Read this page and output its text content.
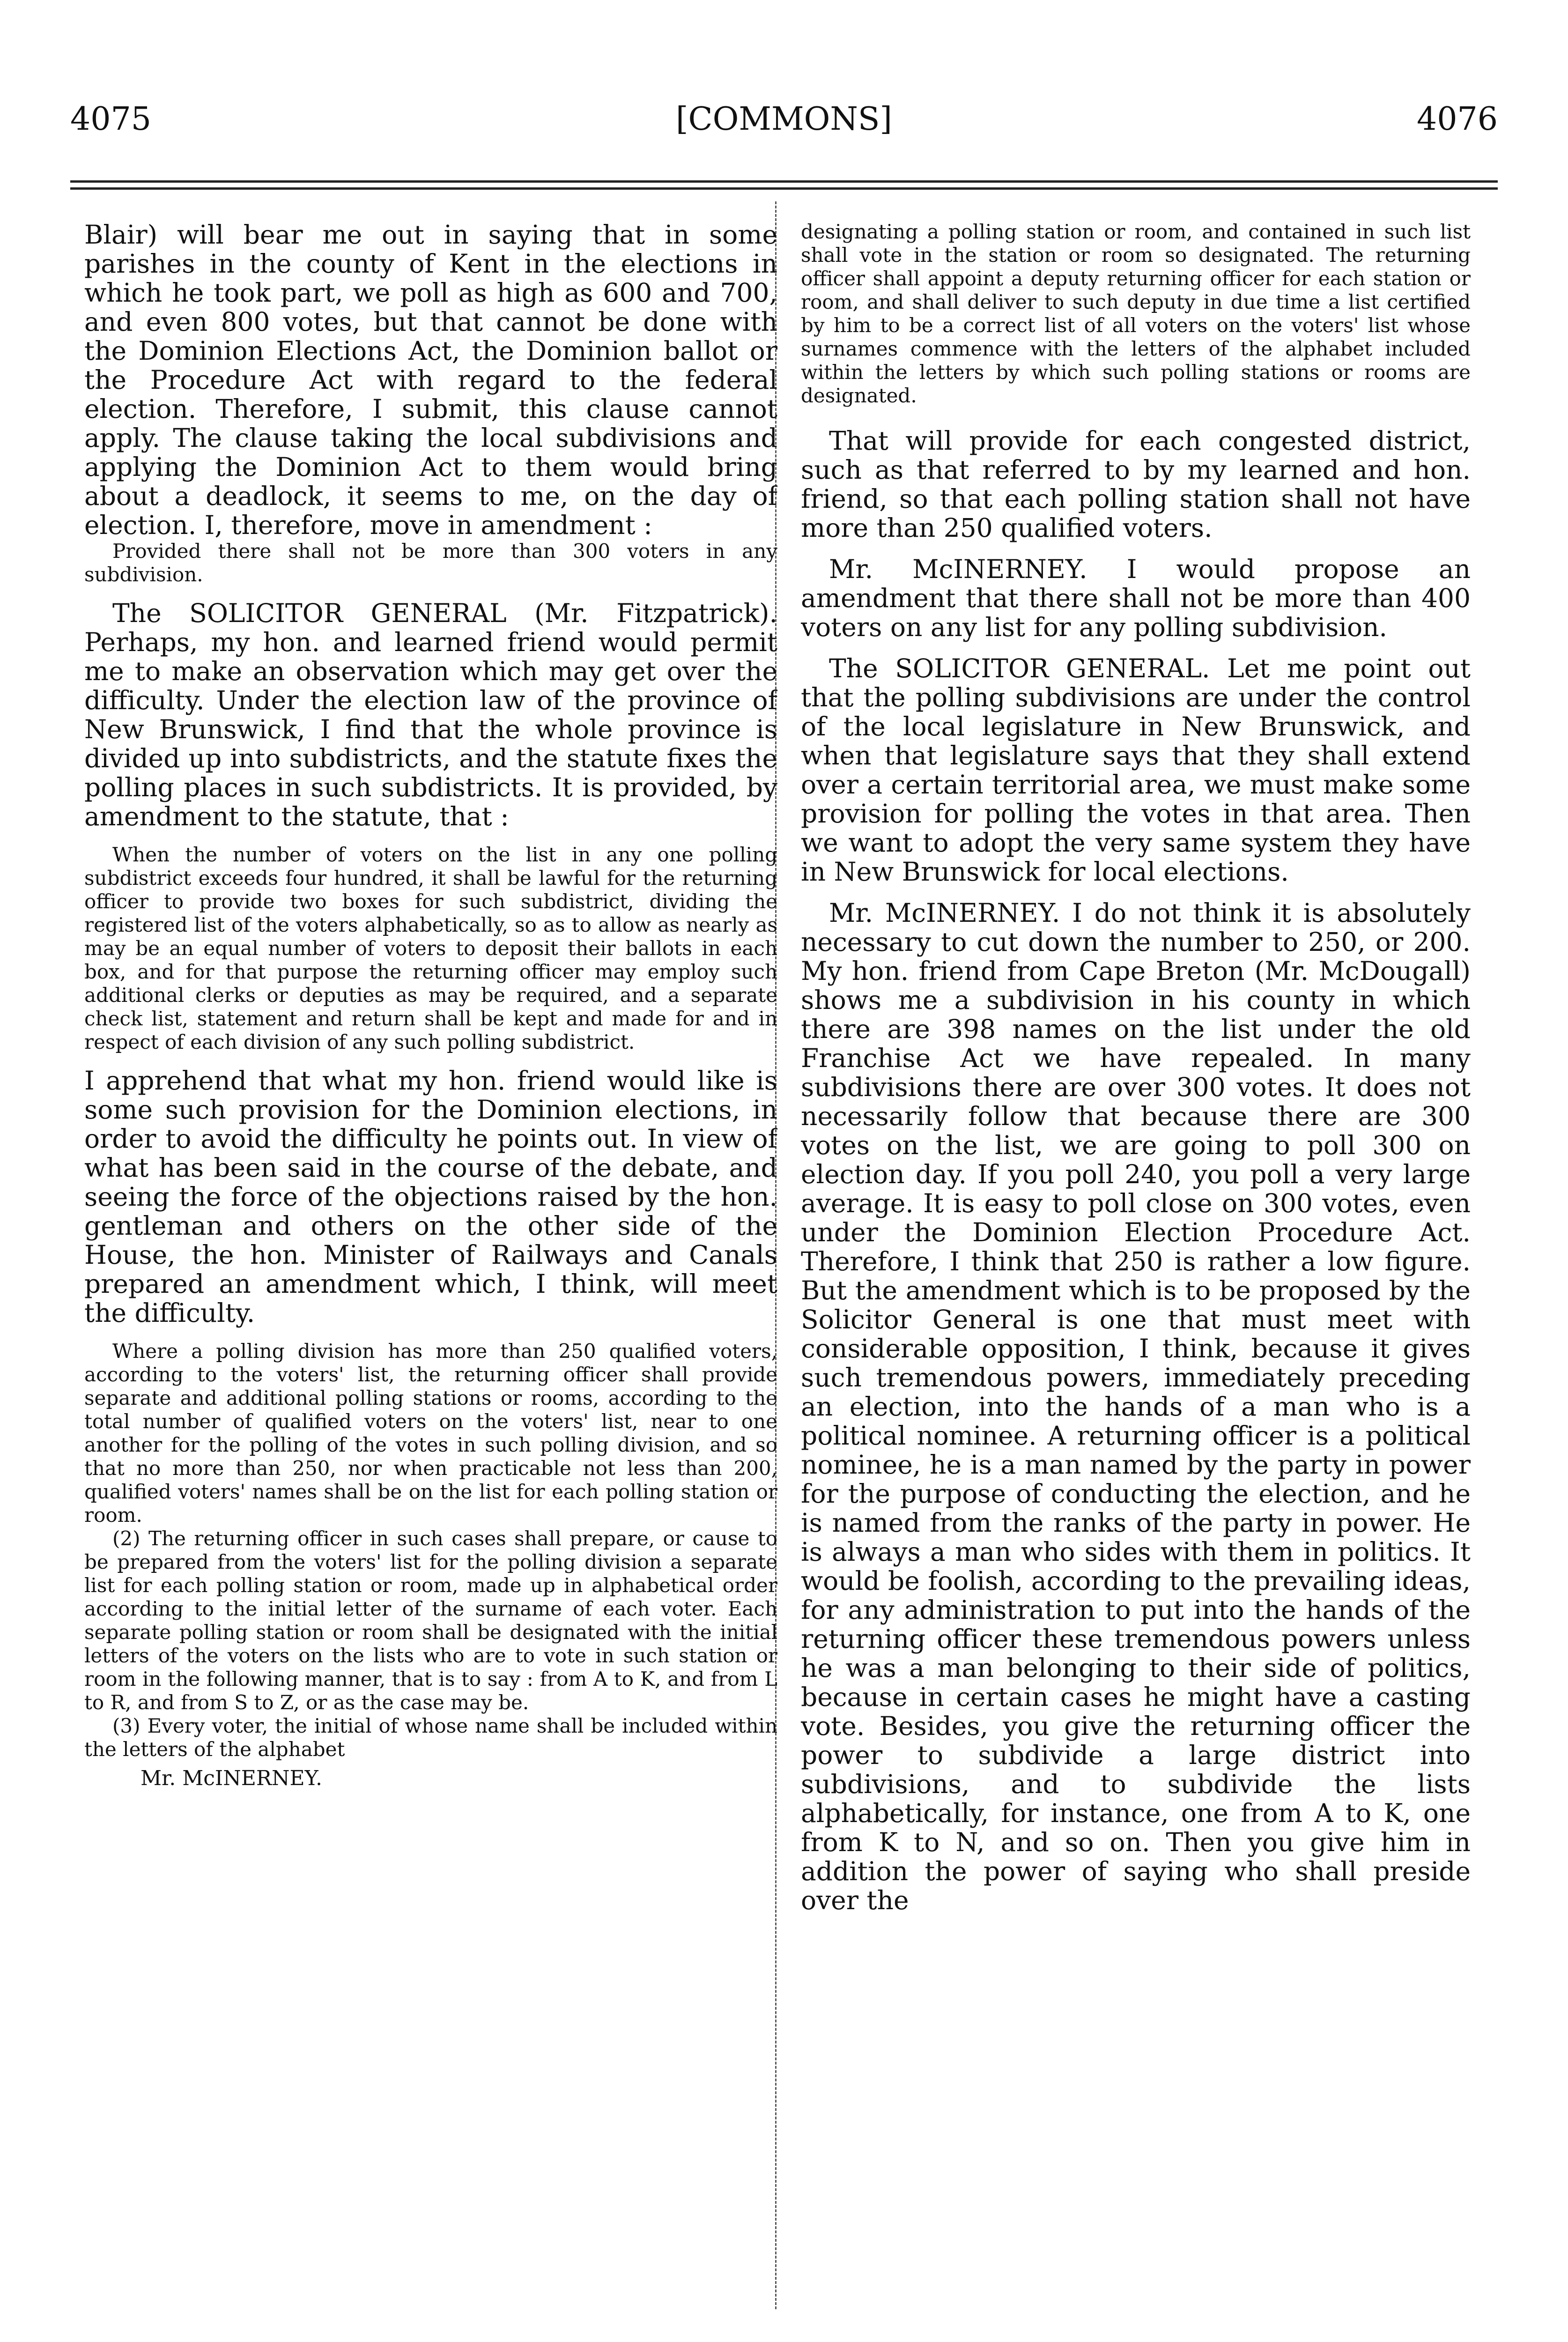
4075	[COMMONS]	4076

Blair) will bear me out in saying that in some parishes in the county of Kent in the elections in which he took part, we poll as high as 600 and 700, and even 800 votes, but that cannot be done with the Dominion Elections Act, the Dominion ballot or the Procedure Act with regard to the federal election. Therefore, I submit, this clause cannot apply. The clause taking the local subdivisions and applying the Dominion Act to them would bring about a deadlock, it seems to me, on the day of election. I, therefore, move in amendment :

Provided there shall not be more than 300 voters in any subdivision.

The SOLICITOR GENERAL (Mr. Fitzpatrick). Perhaps, my hon. and learned friend would permit me to make an observation which may get over the difficulty. Under the election law of the province of New Brunswick, I find that the whole province is divided up into subdistricts, and the statute fixes the polling places in such subdistricts. It is provided, by amendment to the statute, that :

When the number of voters on the list in any one polling subdistrict exceeds four hundred, it shall be lawful for the returning officer to provide two boxes for such subdistrict, dividing the registered list of the voters alphabetically, so as to allow as nearly as may be an equal number of voters to deposit their ballots in each box, and for that purpose the returning officer may employ such additional clerks or deputies as may be required, and a separate check list, statement and return shall be kept and made for and in respect of each division of any such polling subdistrict.

I apprehend that what my hon. friend would like is some such provision for the Dominion elections, in order to avoid the difficulty he points out. In view of what has been said in the course of the debate, and seeing the force of the objections raised by the hon. gentleman and others on the other side of the House, the hon. Minister of Railways and Canals prepared an amendment which, I think, will meet the difficulty.

Where a polling division has more than 250 qualified voters, according to the voters' list, the returning officer shall provide separate and additional polling stations or rooms, according to the total number of qualified voters on the voters' list, near to one another for the polling of the votes in such polling division, and so that no more than 250, nor when practicable not less than 200, qualified voters' names shall be on the list for each polling station or room.

(2) The returning officer in such cases shall prepare, or cause to be prepared from the voters' list for the polling division a separate list for each polling station or room, made up in alphabetical order according to the initial letter of the surname of each voter. Each separate polling station or room shall be designated with the initial letters of the voters on the lists who are to vote in such station or room in the following manner, that is to say : from A to K, and from L to R, and from S to Z, or as the case may be.

(3) Every voter, the initial of whose name shall be included within the letters of the alphabet

Mr. McINERNEY.

designating a polling station or room, and contained in such list shall vote in the station or room so designated. The returning officer shall appoint a deputy returning officer for each station or room, and shall deliver to such deputy in due time a list certified by him to be a correct list of all voters on the voters' list whose surnames commence with the letters of the alphabet included within the letters by which such polling stations or rooms are designated.

That will provide for each congested district, such as that referred to by my learned and hon. friend, so that each polling station shall not have more than 250 qualified voters.

Mr. McINERNEY. I would propose an amendment that there shall not be more than 400 voters on any list for any polling subdivision.

The SOLICITOR GENERAL. Let me point out that the polling subdivisions are under the control of the local legislature in New Brunswick, and when that legislature says that they shall extend over a certain territorial area, we must make some provision for polling the votes in that area. Then we want to adopt the very same system they have in New Brunswick for local elections.

Mr. McINERNEY. I do not think it is absolutely necessary to cut down the number to 250, or 200. My hon. friend from Cape Breton (Mr. McDougall) shows me a subdivision in his county in which there are 398 names on the list under the old Franchise Act we have repealed. In many subdivisions there are over 300 votes. It does not necessarily follow that because there are 300 votes on the list, we are going to poll 300 on election day. If you poll 240, you poll a very large average. It is easy to poll close on 300 votes, even under the Dominion Election Procedure Act. Therefore, I think that 250 is rather a low figure. But the amendment which is to be proposed by the Solicitor General is one that must meet with considerable opposition, I think, because it gives such tremendous powers, immediately preceding an election, into the hands of a man who is a political nominee. A returning officer is a political nominee, he is a man named by the party in power for the purpose of conducting the election, and he is named from the ranks of the party in power. He is always a man who sides with them in politics. It would be foolish, according to the prevailing ideas, for any administration to put into the hands of the returning officer these tremendous powers unless he was a man belonging to their side of politics, because in certain cases he might have a casting vote. Besides, you give the returning officer the power to subdivide a large district into subdivisions, and to subdivide the lists alphabetically, for instance, one from A to K, one from K to N, and so on. Then you give him in addition the power of saying who shall preside over the
